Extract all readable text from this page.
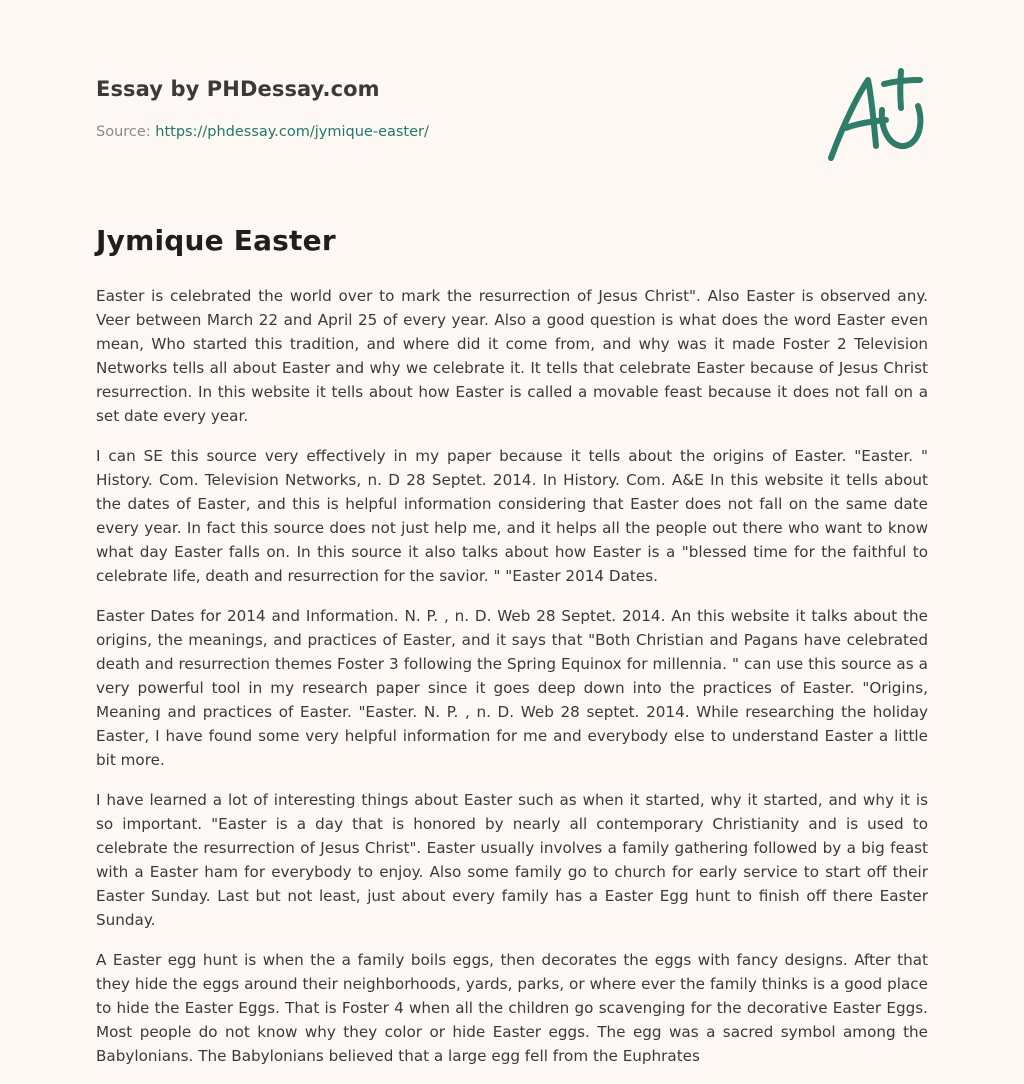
Essay by PHDessay.com
Source: https://phdessay.com/jymique-easter/
Jymique Easter

Easter is celebrated the world over to mark the resurrection of Jesus Christ". Also Easter is observed any. Veer between March 22 and April 25 of every year. Also a good question is what does the word Easter even mean, Who started this tradition, and where did it come from, and why was it made Foster 2 Television Networks tells all about Easter and why we celebrate it. It tells that celebrate Easter because of Jesus Christ resurrection. In this website it tells about how Easter is called a movable feast because it does not fall on a set date every year.

I can SE this source very effectively in my paper because it tells about the origins of Easter. "Easter. " History. Com. Television Networks, n. D 28 Septet. 2014. In History. Com. A&E In this website it tells about the dates of Easter, and this is helpful information considering that Easter does not fall on the same date every year. In fact this source does not just help me, and it helps all the people out there who want to know what day Easter falls on. In this source it also talks about how Easter is a "blessed time for the faithful to celebrate life, death and resurrection for the savior. " "Easter 2014 Dates.

Easter Dates for 2014 and Information. N. P. , n. D. Web 28 Septet. 2014. An this website it talks about the origins, the meanings, and practices of Easter, and it says that "Both Christian and Pagans have celebrated death and resurrection themes Foster 3 following the Spring Equinox for millennia. " can use this source as a very powerful tool in my research paper since it goes deep down into the practices of Easter. "Origins, Meaning and practices of Easter. "Easter. N. P. , n. D. Web 28 septet. 2014. While researching the holiday Easter, I have found some very helpful information for me and everybody else to understand Easter a little bit more.

I have learned a lot of interesting things about Easter such as when it started, why it started, and why it is so important. "Easter is a day that is honored by nearly all contemporary Christianity and is used to celebrate the resurrection of Jesus Christ". Easter usually involves a family gathering followed by a big feast with a Easter ham for everybody to enjoy. Also some family go to church for early service to start off their Easter Sunday. Last but not least, just about every family has a Easter Egg hunt to finish off there Easter Sunday.

A Easter egg hunt is when the a family boils eggs, then decorates the eggs with fancy designs. After that they hide the eggs around their neighborhoods, yards, parks, or where ever the family thinks is a good place to hide the Easter Eggs. That is Foster 4 when all the children go scavenging for the decorative Easter Eggs. Most people do not know why they color or hide Easter eggs. The egg was a sacred symbol among the Babylonians. The Babylonians believed that a large egg fell from the Euphrates
